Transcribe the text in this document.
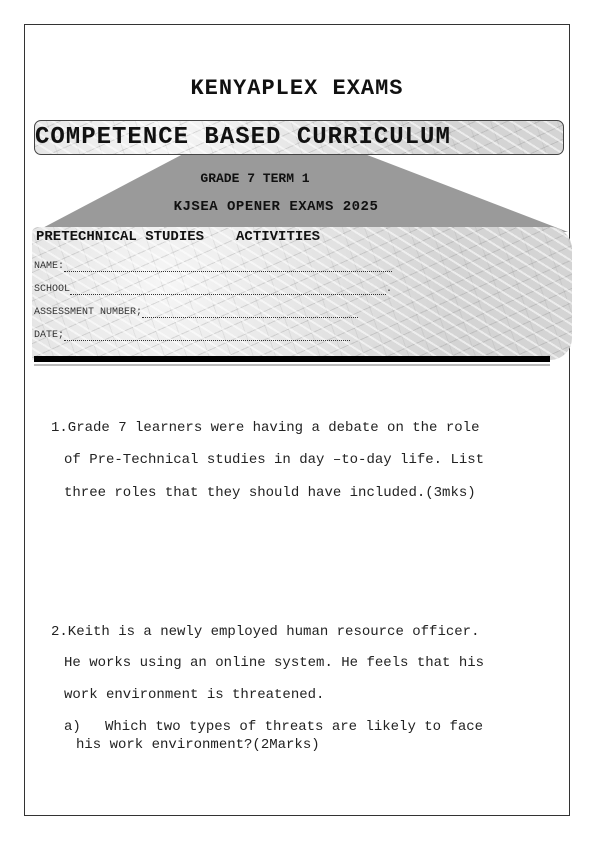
KENYAPLEX EXAMS
COMPETENCE BASED CURRICULUM
GRADE 7 TERM 1
KJSEA OPENER EXAMS 2025
PRETECHNICAL STUDIES ACTIVITIES
NAME:
SCHOOL	.
ASSESSMENT NUMBER;
DATE;
1.Grade 7 learners were having a debate on the role
of Pre-Technical studies in day –to-day life. List
three roles that they should have included.(3mks)
2.Keith is a newly employed human resource officer.
He works using an online system. He feels that his
work environment is threatened.
a) Which two types of threats are likely to face
his work environment?(2Marks)
